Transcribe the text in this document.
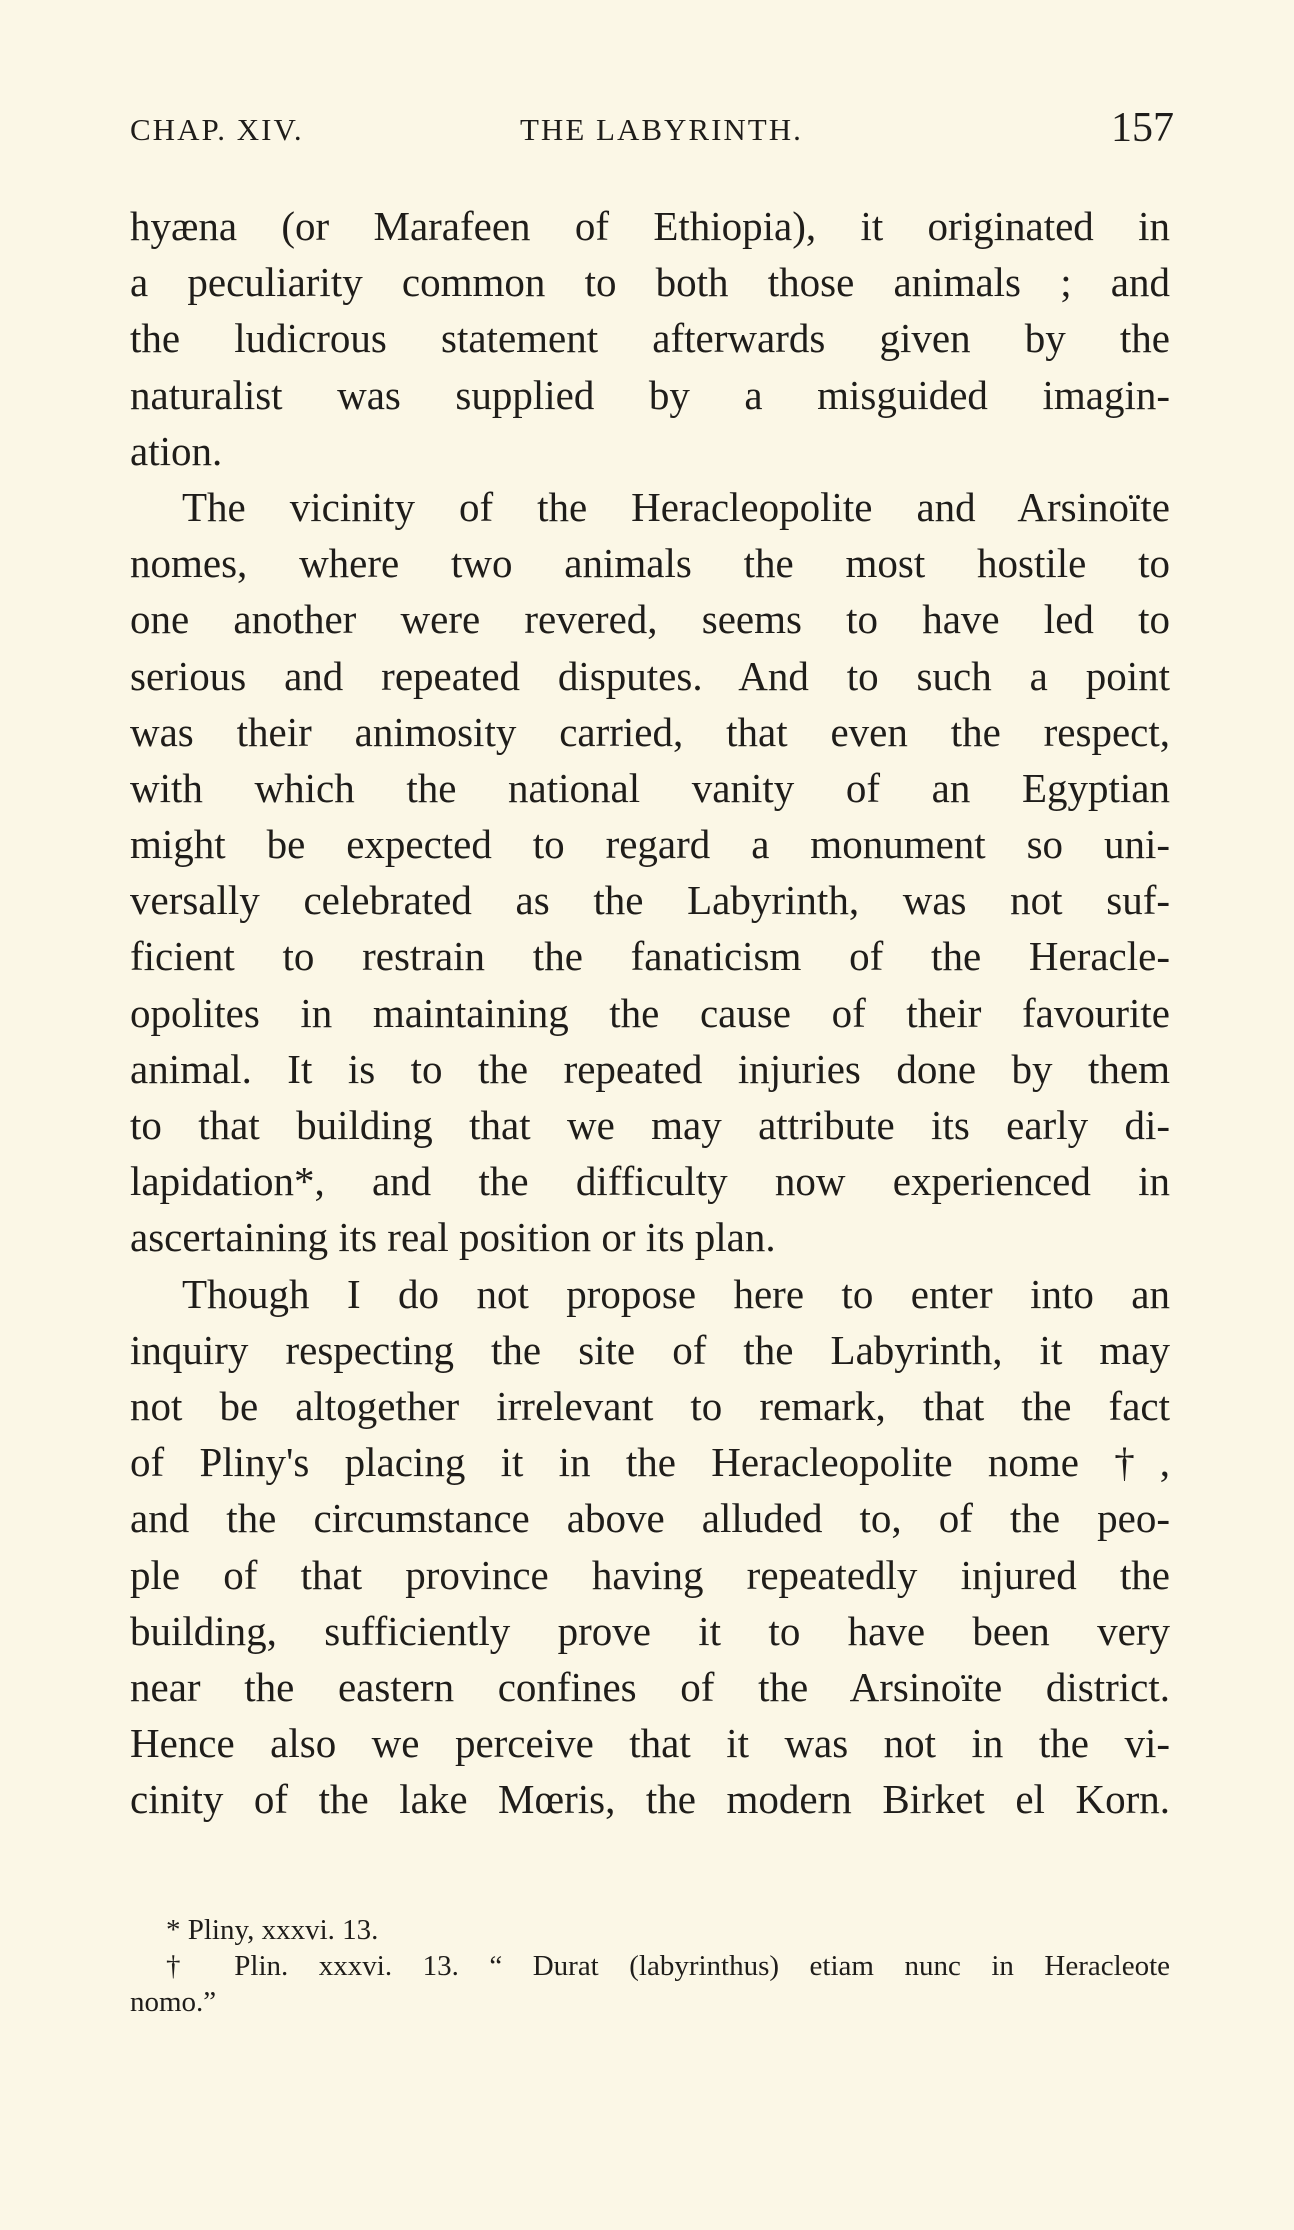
CHAP. XIV.	THE LABYRINTH.	157
hyæna (or Marafeen of Ethiopia), it originated in
a peculiarity common to both those animals ; and
the ludicrous statement afterwards given by the
naturalist was supplied by a misguided imagin-
ation.
The vicinity of the Heracleopolite and Arsinoïte
nomes, where two animals the most hostile to
one another were revered, seems to have led to
serious and repeated disputes. And to such a point
was their animosity carried, that even the respect,
with which the national vanity of an Egyptian
might be expected to regard a monument so uni-
versally celebrated as the Labyrinth, was not suf-
ficient to restrain the fanaticism of the Heracle-
opolites in maintaining the cause of their favourite
animal. It is to the repeated injuries done by them
to that building that we may attribute its early di-
lapidation*, and the difficulty now experienced in
ascertaining its real position or its plan.
Though I do not propose here to enter into an
inquiry respecting the site of the Labyrinth, it may
not be altogether irrelevant to remark, that the fact
of Pliny's placing it in the Heracleopolite nome †,
and the circumstance above alluded to, of the peo-
ple of that province having repeatedly injured the
building, sufficiently prove it to have been very
near the eastern confines of the Arsinoïte district.
Hence also we perceive that it was not in the vi-
cinity of the lake Mœris, the modern Birket el Korn.
* Pliny, xxxvi. 13.
† Plin. xxxvi. 13. “ Durat (labyrinthus) etiam nunc in Heracleote
nomo.”
